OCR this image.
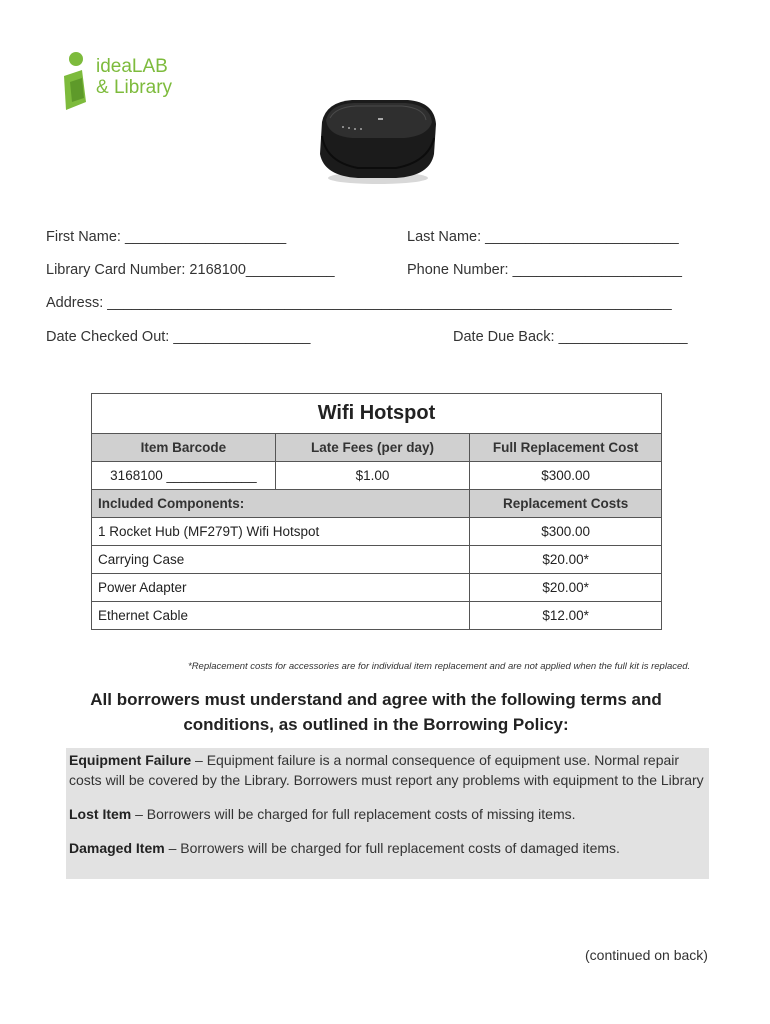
ideaLAB
& Library
First Name: ____________________	Last Name: ________________________
Library Card Number: 2168100___________	Phone Number: _____________________
Address: ______________________________________________________________________
Date Checked Out: _________________	Date Due Back: ________________
Wifi Hotspot		
Item Barcode	Late Fees (per day)	Full Replacement Cost
3168100 ____________	$1.00	$300.00
Included Components:		Replacement Costs
1 Rocket Hub (MF279T) Wifi Hotspot		$300.00
Carrying Case		$20.00*
Power Adapter		$20.00*
Ethernet Cable		$12.00*
*Replacement costs for accessories are for individual item replacement and are not applied when the full kit is replaced.
All borrowers must understand and agree with the following terms and
conditions, as outlined in the Borrowing Policy:

Equipment Failure – Equipment failure is a normal consequence of equipment use. Normal repair costs will be covered by the Library. Borrowers must report any problems with equipment to the Library

Lost Item – Borrowers will be charged for full replacement costs of missing items.

Damaged Item – Borrowers will be charged for full replacement costs of damaged items.

(continued on back)
